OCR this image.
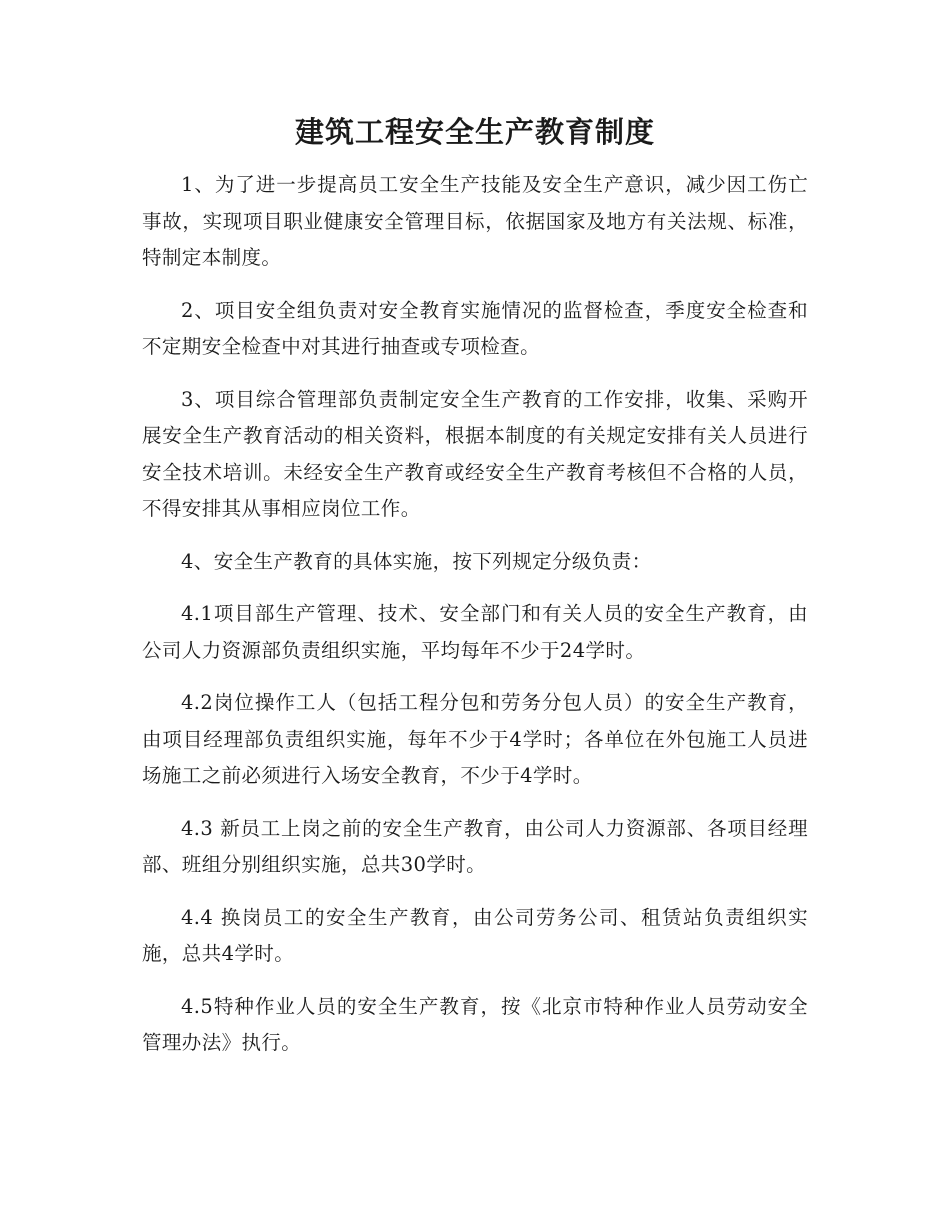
建筑工程安全生产教育制度

1、为了进一步提高员工安全生产技能及安全生产意识，减少因工伤亡事故，实现项目职业健康安全管理目标，依据国家及地方有关法规、标准，特制定本制度。

2、项目安全组负责对安全教育实施情况的监督检查，季度安全检查和不定期安全检查中对其进行抽查或专项检查。

3、项目综合管理部负责制定安全生产教育的工作安排，收集、采购开展安全生产教育活动的相关资料，根据本制度的有关规定安排有关人员进行安全技术培训。未经安全生产教育或经安全生产教育考核但不合格的人员，不得安排其从事相应岗位工作。

4、安全生产教育的具体实施，按下列规定分级负责：

4.1项目部生产管理、技术、安全部门和有关人员的安全生产教育，由公司人力资源部负责组织实施，平均每年不少于24学时。

4.2岗位操作工人（包括工程分包和劳务分包人员）的安全生产教育，由项目经理部负责组织实施，每年不少于4学时；各单位在外包施工人员进场施工之前必须进行入场安全教育，不少于4学时。

4.3 新员工上岗之前的安全生产教育，由公司人力资源部、各项目经理部、班组分别组织实施，总共30学时。

4.4 换岗员工的安全生产教育，由公司劳务公司、租赁站负责组织实施，总共4学时。

4.5特种作业人员的安全生产教育，按《北京市特种作业人员劳动安全管理办法》执行。
